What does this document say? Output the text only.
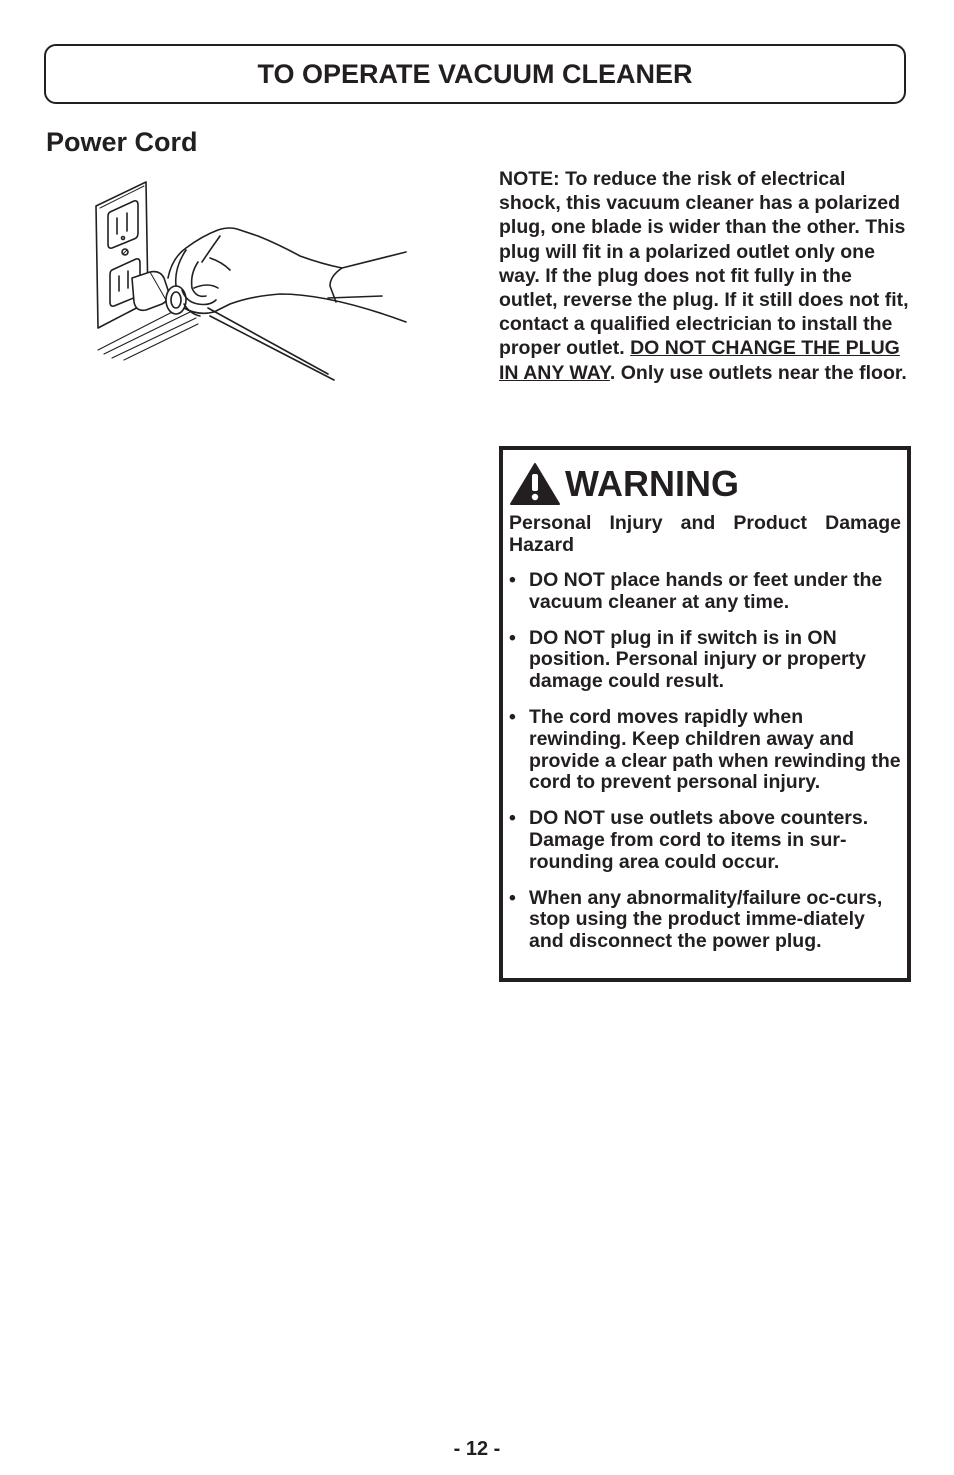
TO OPERATE VACUUM CLEANER
Power Cord

NOTE: To reduce the risk of electrical shock, this vacuum cleaner has a polarized plug, one blade is wider than the other. This plug will fit in a polarized outlet only one way. If the plug does not fit fully in the outlet, reverse the plug. If it still does not fit, contact a qualified electrician to install the proper outlet. DO NOT CHANGE THE PLUG IN ANY WAY. Only use outlets near the floor.

WARNING

Personal Injury and Product Damage Hazard

• DO NOT place hands or feet under the vacuum cleaner at any time.
• DO NOT plug in if switch is in ON position. Personal injury or property damage could result.
• The cord moves rapidly when rewinding. Keep children away and provide a clear path when rewinding the cord to prevent personal injury.
• DO NOT use outlets above counters. Damage from cord to items in sur-rounding area could occur.
• When any abnormality/failure oc-curs, stop using the product imme-diately and disconnect the power plug.

- 12 -
